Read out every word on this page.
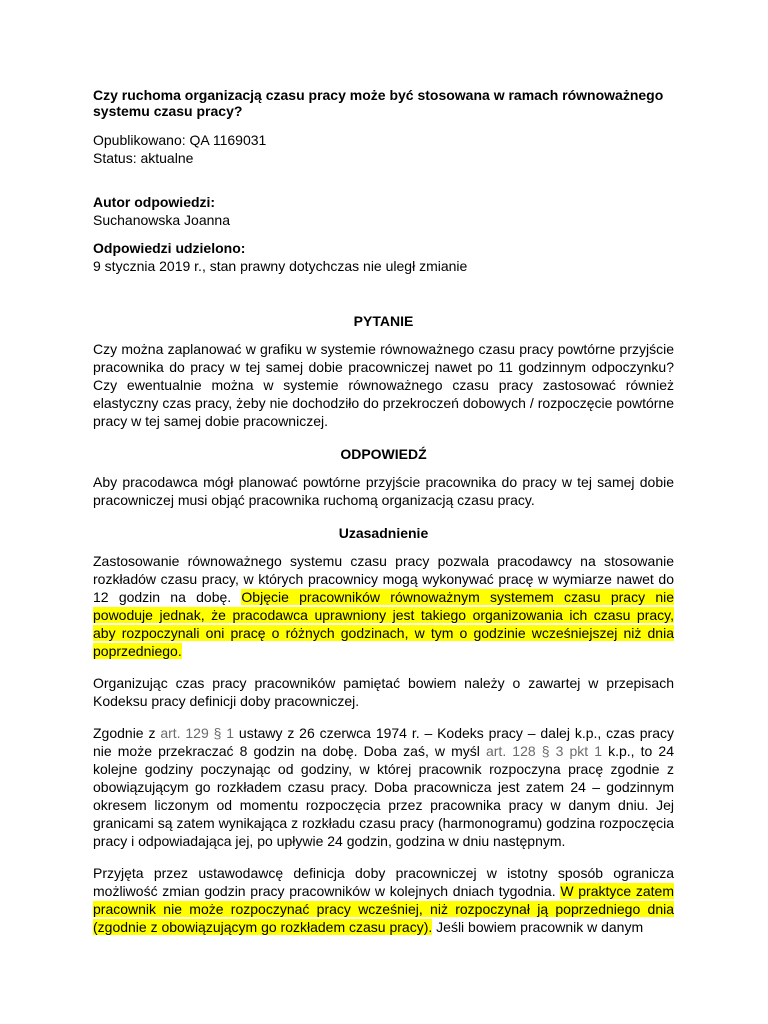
Czy ruchoma organizacją czasu pracy może być stosowana w ramach równoważnego systemu czasu pracy?

Opublikowano: QA 1169031
Status: aktualne
Autor odpowiedzi:
Suchanowska Joanna
Odpowiedzi udzielono:
9 stycznia 2019 r., stan prawny dotychczas nie uległ zmianie

PYTANIE

Czy można zaplanować w grafiku w systemie równoważnego czasu pracy powtórne przyjście pracownika do pracy w tej samej dobie pracowniczej nawet po 11 godzinnym odpoczynku? Czy ewentualnie można w systemie równoważnego czasu pracy zastosować również elastyczny czas pracy, żeby nie dochodziło do przekroczeń dobowych / rozpoczęcie powtórne pracy w tej samej dobie pracowniczej.

ODPOWIEDŹ

Aby pracodawca mógł planować powtórne przyjście pracownika do pracy w tej samej dobie pracowniczej musi objąć pracownika ruchomą organizacją czasu pracy.

Uzasadnienie

Zastosowanie równoważnego systemu czasu pracy pozwala pracodawcy na stosowanie rozkładów czasu pracy, w których pracownicy mogą wykonywać pracę w wymiarze nawet do 12 godzin na dobę. Objęcie pracowników równoważnym systemem czasu pracy nie powoduje jednak, że pracodawca uprawniony jest takiego organizowania ich czasu pracy, aby rozpoczynali oni pracę o różnych godzinach, w tym o godzinie wcześniejszej niż dnia poprzedniego.

Organizując czas pracy pracowników pamiętać bowiem należy o zawartej w przepisach Kodeksu pracy definicji doby pracowniczej.

Zgodnie z art. 129 § 1 ustawy z 26 czerwca 1974 r. – Kodeks pracy – dalej k.p., czas pracy nie może przekraczać 8 godzin na dobę. Doba zaś, w myśl art. 128 § 3 pkt 1 k.p., to 24 kolejne godziny poczynając od godziny, w której pracownik rozpoczyna pracę zgodnie z obowiązującym go rozkładem czasu pracy. Doba pracownicza jest zatem 24 – godzinnym okresem liczonym od momentu rozpoczęcia przez pracownika pracy w danym dniu. Jej granicami są zatem wynikająca z rozkładu czasu pracy (harmonogramu) godzina rozpoczęcia pracy i odpowiadająca jej, po upływie 24 godzin, godzina w dniu następnym.

Przyjęta przez ustawodawcę definicja doby pracowniczej w istotny sposób ogranicza możliwość zmian godzin pracy pracowników w kolejnych dniach tygodnia. W praktyce zatem pracownik nie może rozpoczynać pracy wcześniej, niż rozpoczynał ją poprzedniego dnia (zgodnie z obowiązującym go rozkładem czasu pracy). Jeśli bowiem pracownik w danym
